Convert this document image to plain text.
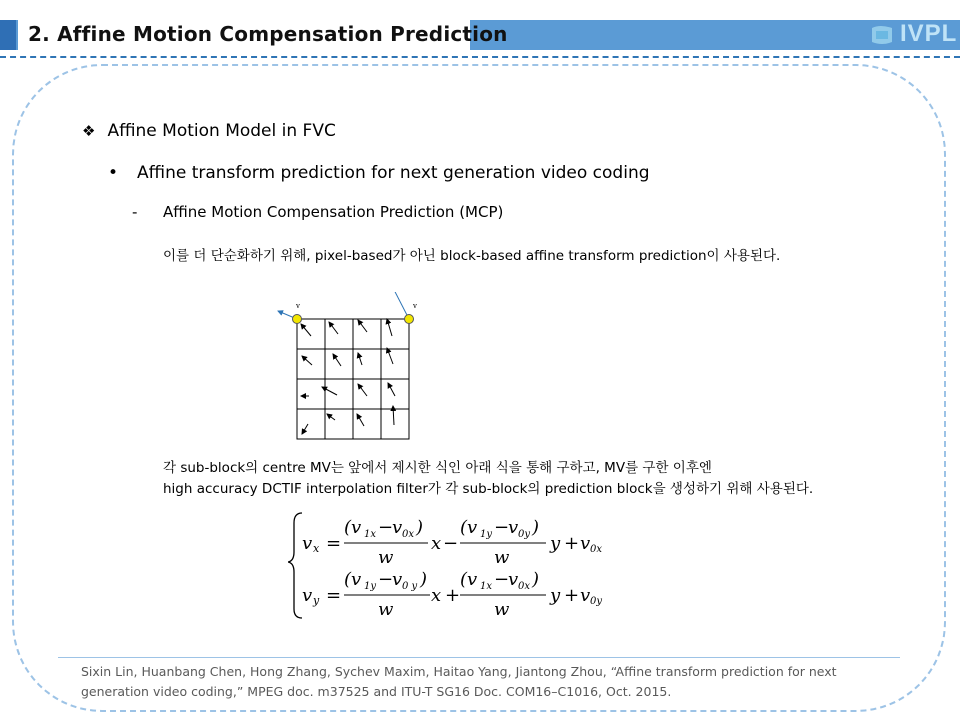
2. Affine Motion Compensation Prediction	IVPL
❖ Affine Motion Model in FVC
• Affine transform prediction for next generation video coding
- Affine Motion Compensation Prediction (MCP)
이를 더 단순화하기 위해, pixel-based가 아닌 block-based affine transform prediction이 사용된다.
v	v
각 sub-block의 centre MV는 앞에서 제시한 식인 아래 식을 통해 구하고, MV를 구한 이후엔
high accuracy DCTIF interpolation filter가 각 sub-block의 prediction block을 생성하기 위해 사용된다.
v x =
(v 1x −
v 0x )
w
x −
(v 1y −
v 0y )
w
y + v 0x
v y =
(v 1y −
v 0 y )
w
x +
(v 1x −
v 0x )
w
y + v 0y
Sixin Lin, Huanbang Chen, Hong Zhang, Sychev Maxim, Haitao Yang, Jiantong Zhou, “Affine transform prediction for next generation video coding,” MPEG doc. m37525 and ITU-T SG16 Doc. COM16–C1016, Oct. 2015.
